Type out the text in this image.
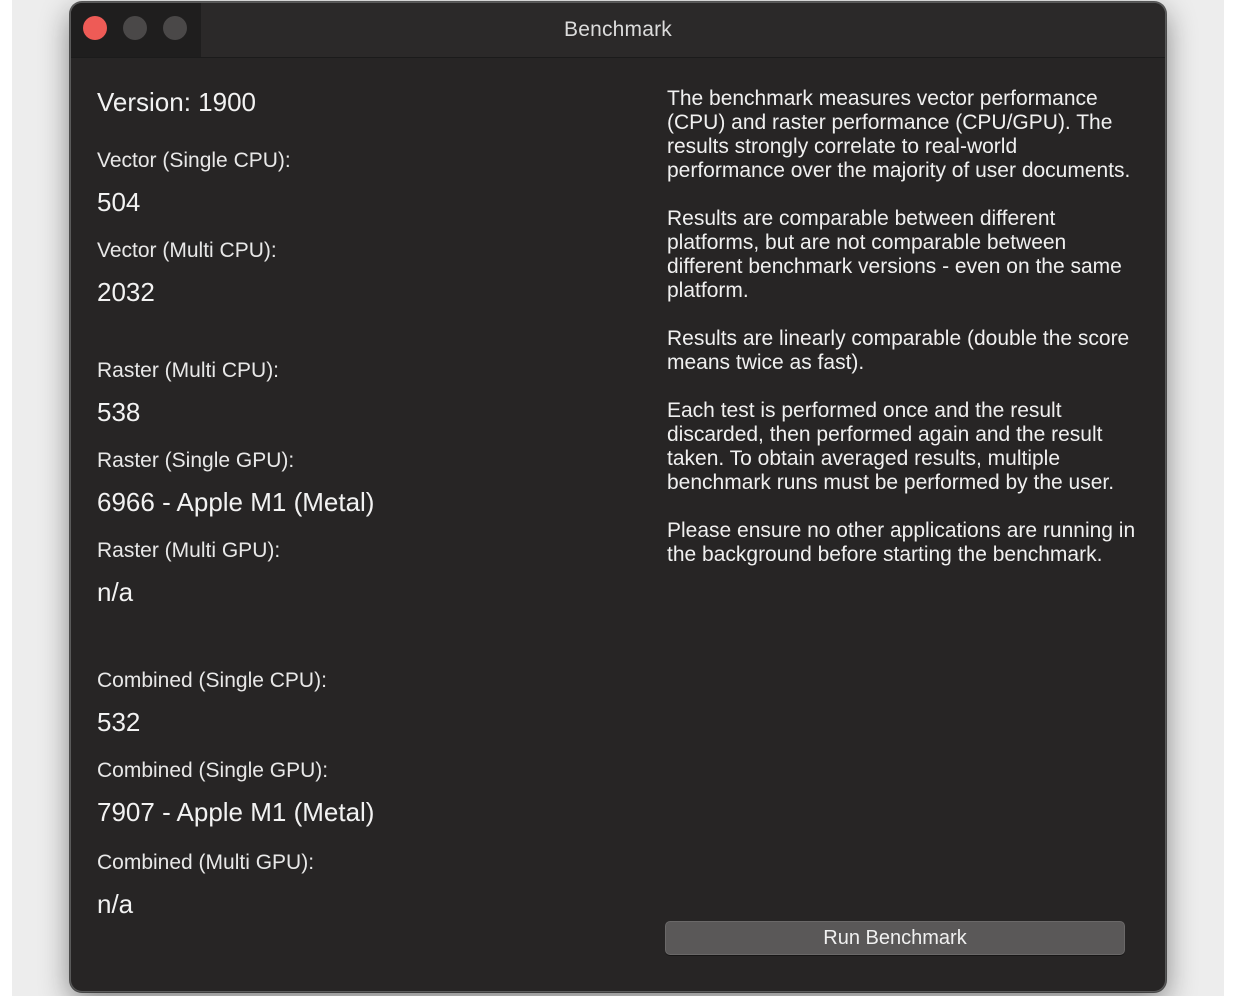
Benchmark
Version: 1900
Vector (Single CPU):
504
Vector (Multi CPU):
2032
Raster (Multi CPU):
538
Raster (Single GPU):
6966 - Apple M1 (Metal)
Raster (Multi GPU):
n/a
Combined (Single CPU):
532
Combined (Single GPU):
7907 - Apple M1 (Metal)
Combined (Multi GPU):
n/a

The benchmark measures vector performance (CPU) and raster performance (CPU/GPU). The results strongly correlate to real-world performance over the majority of user documents.

Results are comparable between different platforms, but are not comparable between different benchmark versions - even on the same platform.

Results are linearly comparable (double the score means twice as fast).

Each test is performed once and the result discarded, then performed again and the result taken. To obtain averaged results, multiple benchmark runs must be performed by the user.

Please ensure no other applications are running in the background before starting the benchmark.

Run Benchmark
